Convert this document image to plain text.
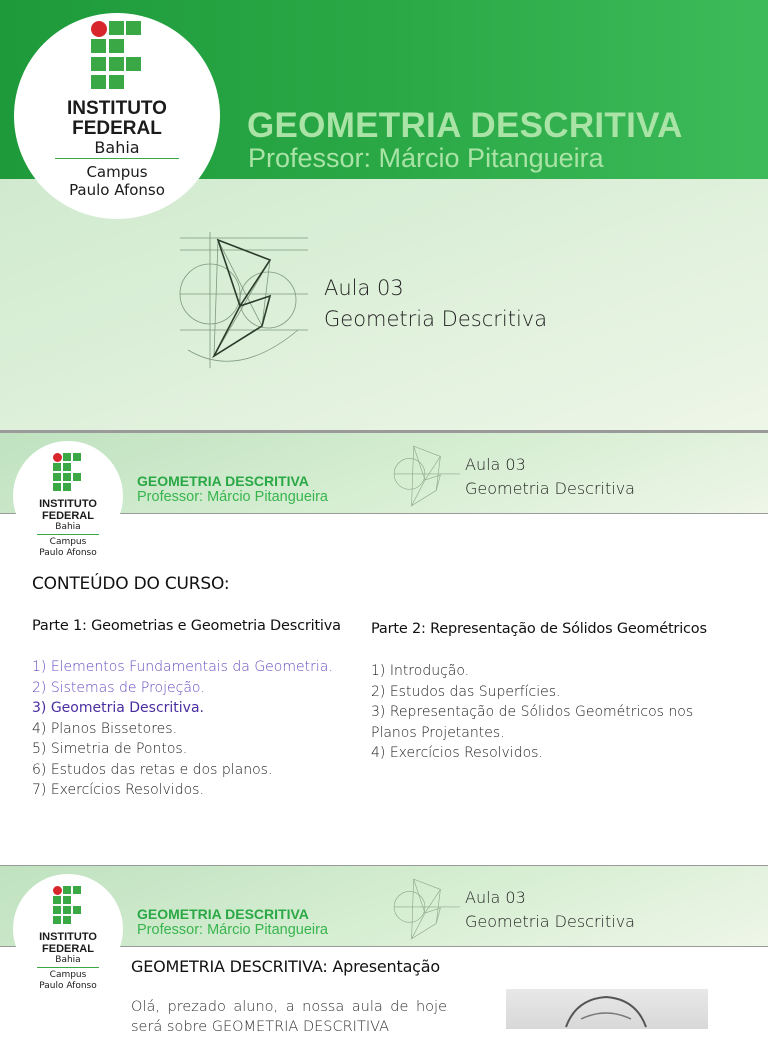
INSTITUTO
FEDERAL
Bahia
Campus
Paulo Afonso
GEOMETRIA DESCRITIVA
Professor: Márcio Pitangueira
Aula 03
Geometria Descritiva
INSTITUTO
FEDERAL
Bahia
Campus
Paulo Afonso
GEOMETRIA DESCRITIVA
Professor: Márcio Pitangueira
Aula 03
Geometria Descritiva
CONTEÚDO DO CURSO:
Parte 1: Geometrias e Geometria Descritiva
1) Elementos Fundamentais da Geometria.
2) Sistemas de Projeção.
3) Geometria Descritiva.
4) Planos Bissetores.
5) Simetria de Pontos.
6) Estudos das retas e dos planos.
7) Exercícios Resolvidos.
Parte 2: Representação de Sólidos Geométricos
1) Introdução.
2) Estudos das Superfícies.
3) Representação de Sólidos Geométricos nos
Planos Projetantes.
4) Exercícios Resolvidos.
INSTITUTO
FEDERAL
Bahia
Campus
Paulo Afonso
GEOMETRIA DESCRITIVA
Professor: Márcio Pitangueira
Aula 03
Geometria Descritiva
GEOMETRIA DESCRITIVA: Apresentação
Olá, prezado aluno, a nossa aula de hoje será sobre GEOMETRIA DESCRITIVA
